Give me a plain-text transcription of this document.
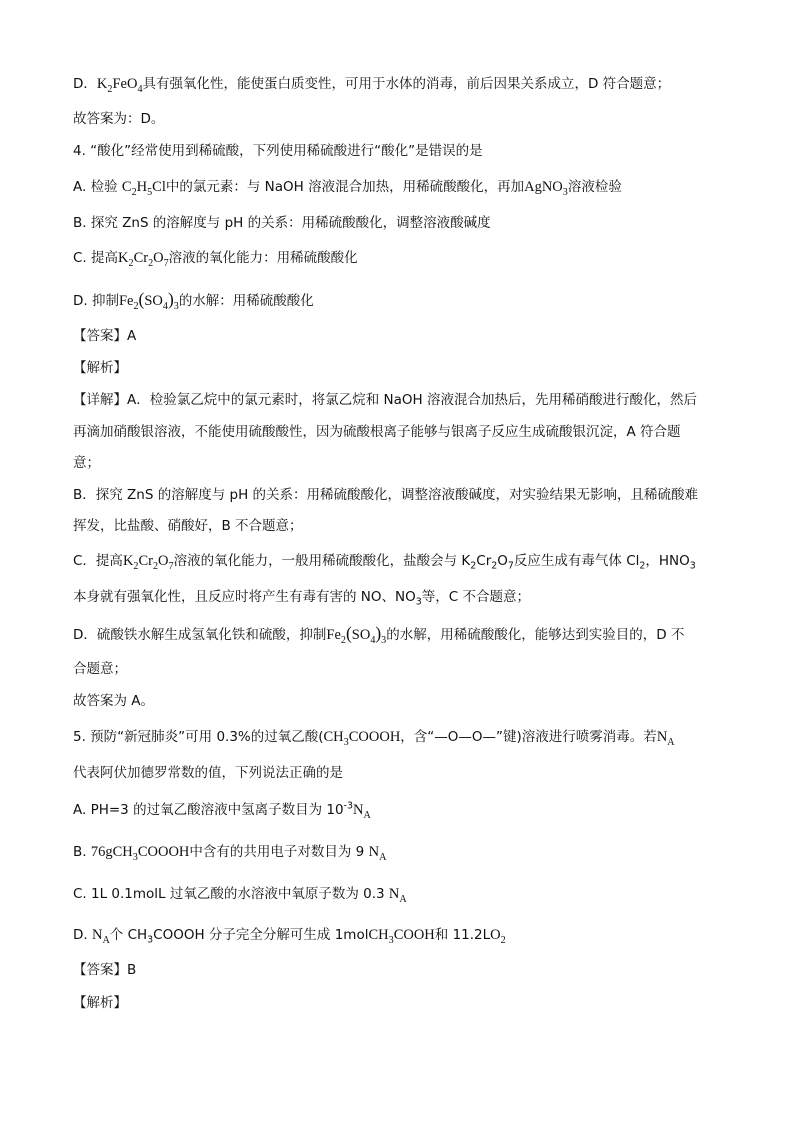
D．$K_2FeO_4$具有强氧化性，能使蛋白质变性，可用于水体的消毒，前后因果关系成立，D 符合题意；
故答案为：D。
4. “酸化”经常使用到稀硫酸，下列使用稀硫酸进行“酸化”是错误的是
A. 检验 $C_2H_5Cl$中的氯元素：与 NaOH 溶液混合加热，用稀硫酸酸化，再加AgNO$_3$溶液检验
B. 探究 ZnS 的溶解度与 pH 的关系：用稀硫酸酸化，调整溶液酸碱度
C. 提高$K_2Cr_2O_7$溶液的氧化能力：用稀硫酸酸化
D. 抑制$Fe_2(SO_4)_3$的水解：用稀硫酸酸化
【答案】A
【解析】
【详解】A．检验氯乙烷中的氯元素时，将氯乙烷和 NaOH 溶液混合加热后，先用稀硝酸进行酸化，然后
再滴加硝酸银溶液，不能使用硫酸酸性，因为硫酸根离子能够与银离子反应生成硫酸银沉淀，A 符合题
意；
B．探究 ZnS 的溶解度与 pH 的关系：用稀硫酸酸化，调整溶液酸碱度，对实验结果无影响，且稀硫酸难
挥发，比盐酸、硝酸好，B 不合题意；
C．提高$K_2Cr_2O_7$溶液的氧化能力，一般用稀硫酸酸化，盐酸会与 $K_2Cr_2O_7$反应生成有毒气体 $Cl_2$，$HNO_3$
本身就有强氧化性，且反应时将产生有毒有害的 NO、$NO_3$等，C 不合题意；
D．硫酸铁水解生成氢氧化铁和硫酸，抑制$Fe_2(SO_4)_3$的水解，用稀硫酸酸化，能够达到实验目的，D 不
合题意；
故答案为 A。
5. 预防“新冠肺炎”可用 0.3%的过氧乙酸($CH_3COOOH$，含“—O—O—”键)溶液进行喷雾消毒。若$N_A$
代表阿伏加德罗常数的值，下列说法正确的是
A. PH=3 的过氧乙酸溶液中氢离子数目为 $10^{-3}N_A$
B. 76gCH$_3$COOOH中含有的共用电子对数目为 9 $N_A$
C. 1L 0.1molL 过氧乙酸的水溶液中氧原子数为 0.3 $N_A$
D. $N_A$个 $CH_3COOOH$ 分子完全分解可生成 1molCH$_3$COOH和 $11.2LO_2$
【答案】B
【解析】
